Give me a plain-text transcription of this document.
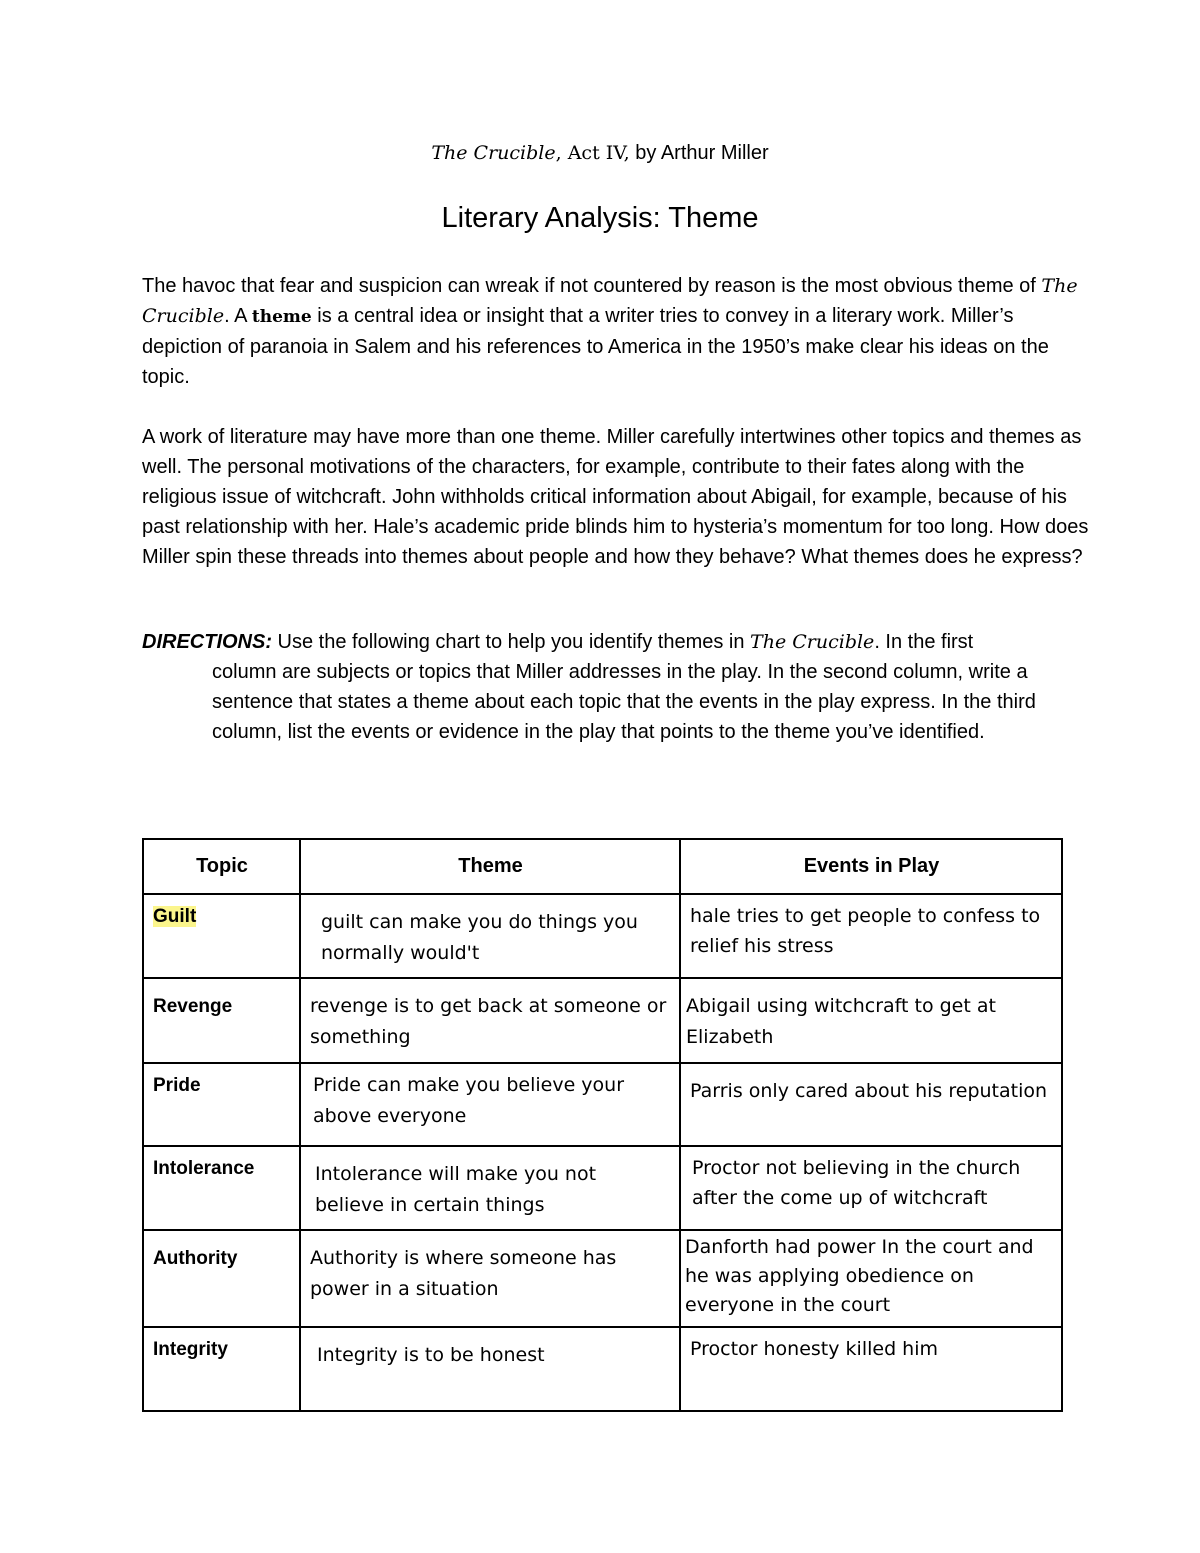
The Crucible, Act IV, by Arthur Miller
Literary Analysis: Theme
The havoc that fear and suspicion can wreak if not countered by reason is the most obvious theme of The Crucible. A theme is a central idea or insight that a writer tries to convey in a literary work. Miller’s depiction of paranoia in Salem and his references to America in the 1950’s make clear his ideas on the topic.
A work of literature may have more than one theme. Miller carefully intertwines other topics and themes as well. The personal motivations of the characters, for example, contribute to their fates along with the religious issue of witchcraft. John withholds critical information about Abigail, for example, because of his past relationship with her. Hale’s academic pride blinds him to hysteria’s momentum for too long. How does Miller spin these threads into themes about people and how they behave? What themes does he express?
DIRECTIONS: Use the following chart to help you identify themes in The Crucible. In the first
column are subjects or topics that Miller addresses in the play. In the second column, write a sentence that states a theme about each topic that the events in the play express. In the third column, list the events or evidence in the play that points to the theme you’ve identified.
Topic	Theme	Events in Play
Guilt	guilt can make you do things you normally would't	hale tries to get people to confess to relief his stress
Revenge	revenge is to get back at someone or something	Abigail using witchcraft to get at Elizabeth
Pride	Pride can make you believe your above everyone	Parris only cared about his reputation
Intolerance	Intolerance will make you not believe in certain things	Proctor not believing in the church after the come up of witchcraft
Authority	Authority is where someone has power in a situation	Danforth had power In the court and he was applying obedience on everyone in the court
Integrity	Integrity is to be honest	Proctor honesty killed him
